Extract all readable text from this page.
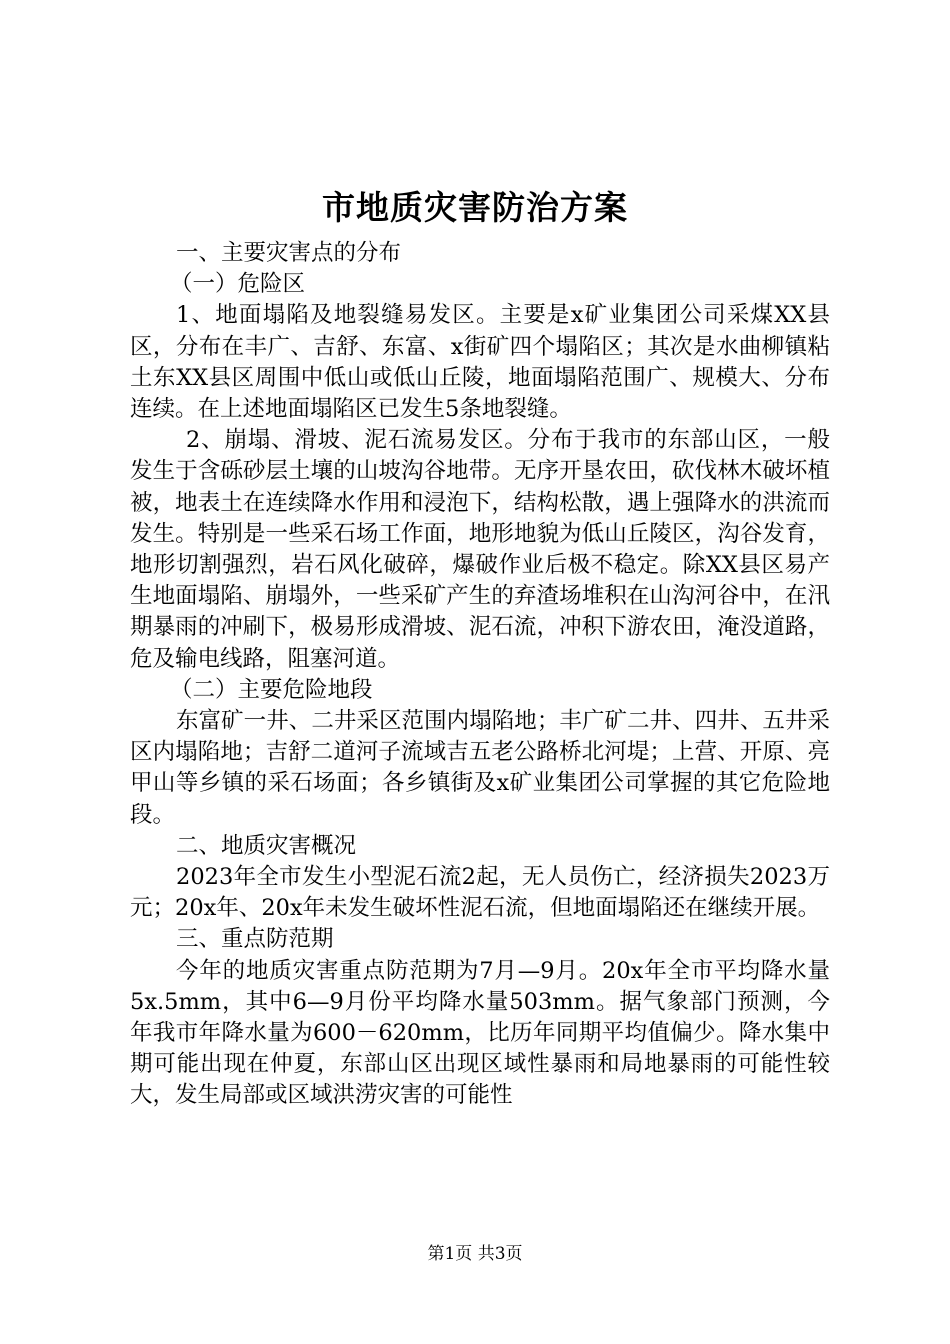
市地质灾害防治方案

一、主要灾害点的分布

（一）危险区

1、地面塌陷及地裂缝易发区。主要是x矿业集团公司采煤XX县区，分布在丰广、吉舒、东富、x街矿四个塌陷区；其次是水曲柳镇粘土东XX县区周围中低山或低山丘陵，地面塌陷范围广、规模大、分布连续。在上述地面塌陷区已发生5条地裂缝。

2、崩塌、滑坡、泥石流易发区。分布于我市的东部山区，一般发生于含砾砂层土壤的山坡沟谷地带。无序开垦农田，砍伐林木破坏植被，地表土在连续降水作用和浸泡下，结构松散，遇上强降水的洪流而发生。特别是一些采石场工作面，地形地貌为低山丘陵区，沟谷发育，地形切割强烈，岩石风化破碎，爆破作业后极不稳定。除XX县区易产生地面塌陷、崩塌外，一些采矿产生的弃渣场堆积在山沟河谷中，在汛期暴雨的冲刷下，极易形成滑坡、泥石流，冲积下游农田，淹没道路，危及输电线路，阻塞河道。

（二）主要危险地段

东富矿一井、二井采区范围内塌陷地；丰广矿二井、四井、五井采区内塌陷地；吉舒二道河子流域吉五老公路桥北河堤；上营、开原、亮甲山等乡镇的采石场面；各乡镇街及x矿业集团公司掌握的其它危险地段。

二、地质灾害概况

2023年全市发生小型泥石流2起，无人员伤亡，经济损失2023万元；20x年、20x年未发生破坏性泥石流，但地面塌陷还在继续开展。

三、重点防范期

今年的地质灾害重点防范期为7月—9月。20x年全市平均降水量5x.5mm，其中6—9月份平均降水量503mm。据气象部门预测，今年我市年降水量为600－620mm，比历年同期平均值偏少。降水集中期可能出现在仲夏，东部山区出现区域性暴雨和局地暴雨的可能性较大，发生局部或区域洪涝灾害的可能性

第1页 共3页
